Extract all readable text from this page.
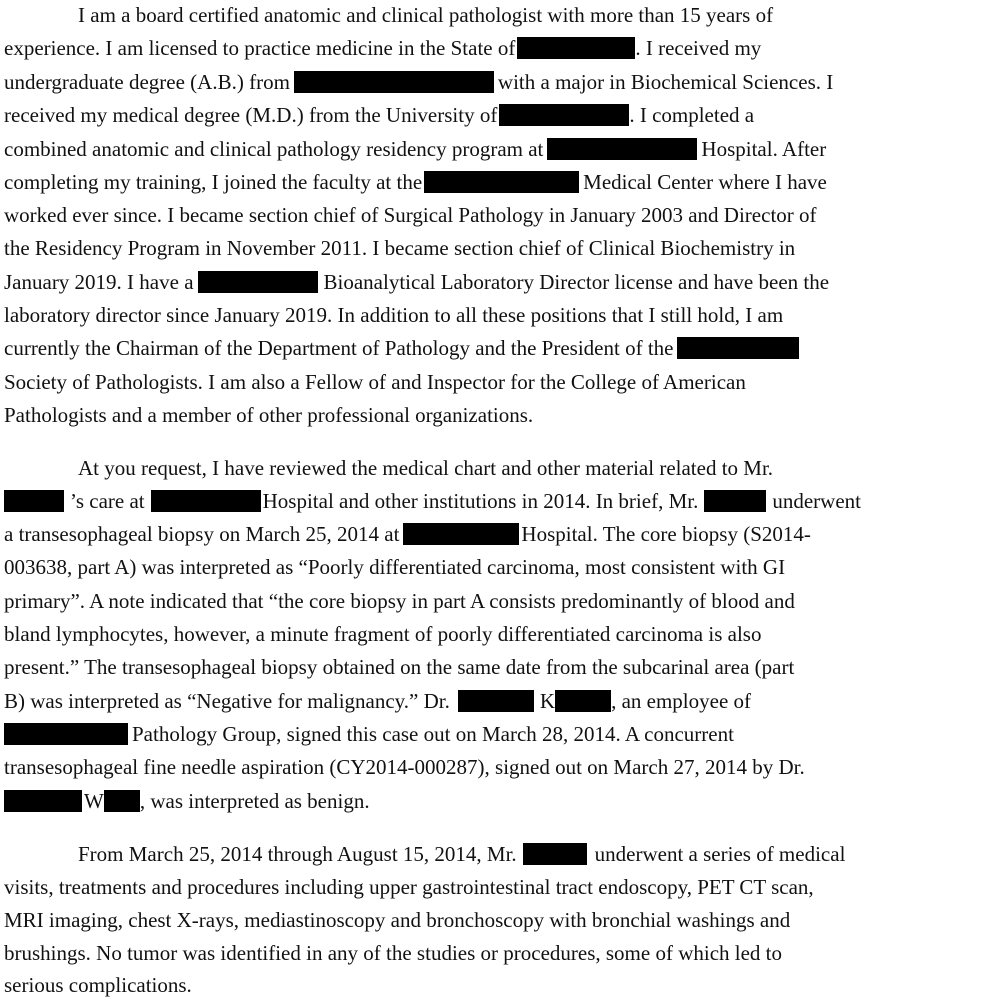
I am a board certified anatomic and clinical pathologist with more than 15 years of

experience. I am licensed to practice medicine in the State of	. I received my

undergraduate degree (A.B.) from	with a major in Biochemical Sciences. I

received my medical degree (M.D.) from the University of	. I completed a

combined anatomic and clinical pathology residency program at	Hospital. After

completing my training, I joined the faculty at the	Medical Center where I have

worked ever since. I became section chief of Surgical Pathology in January 2003 and Director of

the Residency Program in November 2011. I became section chief of Clinical Biochemistry in

January 2019. I have a	Bioanalytical Laboratory Director license and have been the

laboratory director since January 2019. In addition to all these positions that I still hold, I am

currently the Chairman of the Department of Pathology and the President of the

Society of Pathologists. I am also a Fellow of and Inspector for the College of American

Pathologists and a member of other professional organizations.

At you request, I have reviewed the medical chart and other material related to Mr.

’s care at	Hospital and other institutions in 2014. In brief, Mr.	underwent

a transesophageal biopsy on March 25, 2014 at	Hospital. The core biopsy (S2014-

003638, part A) was interpreted as “Poorly differentiated carcinoma, most consistent with GI

primary”. A note indicated that “the core biopsy in part A consists predominantly of blood and

bland lymphocytes, however, a minute fragment of poorly differentiated carcinoma is also

present.” The transesophageal biopsy obtained on the same date from the subcarinal area (part

B) was interpreted as “Negative for malignancy.” Dr.	K	, an employee of

Pathology Group, signed this case out on March 28, 2014. A concurrent

transesophageal fine needle aspiration (CY2014-000287), signed out on March 27, 2014 by Dr.

W , was interpreted as benign.

From March 25, 2014 through August 15, 2014, Mr.	underwent a series of medical

visits, treatments and procedures including upper gastrointestinal tract endoscopy, PET CT scan,

MRI imaging, chest X-rays, mediastinoscopy and bronchoscopy with bronchial washings and

brushings. No tumor was identified in any of the studies or procedures, some of which led to

serious complications.
